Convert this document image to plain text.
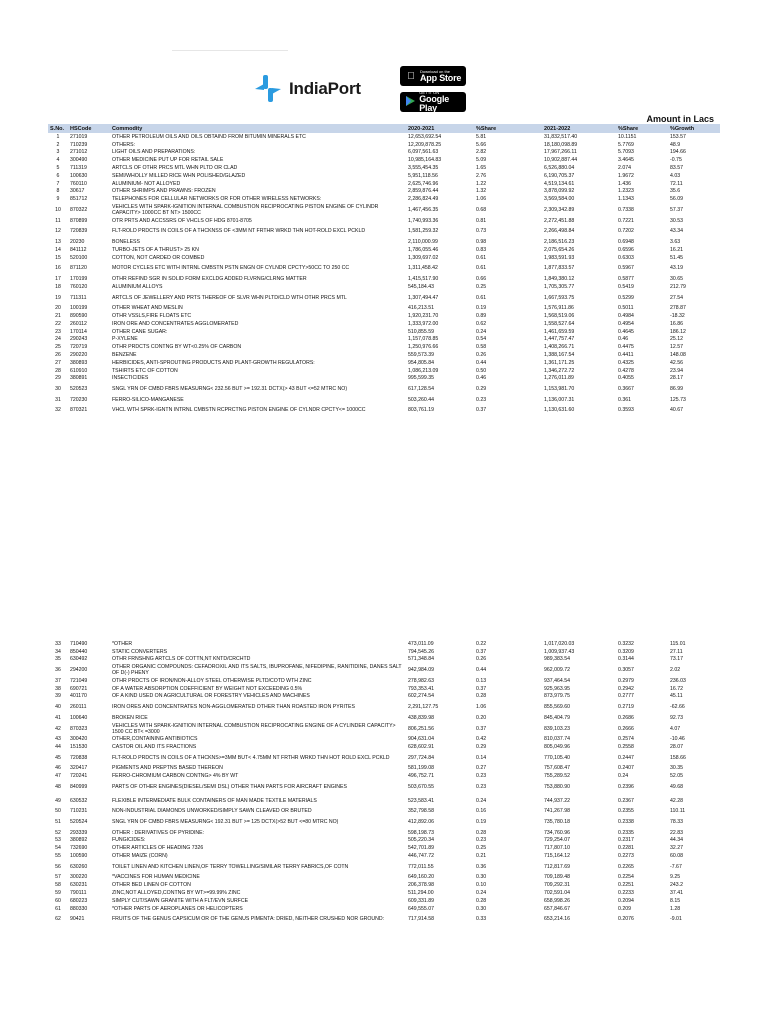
IndiaPort
Download on the
App Store
GET IT ON
Google Play
Amount in Lacs
S.No.	HSCode	Commodity	2020-2021	%Share	2021-2022	%Share	%Growth
1	271019	OTHER PETROLEUM OILS AND OILS OBTAIND FROM BITUMIN MINERALS ETC	12,653,692.54	5.81	31,832,517.40	10.1151	153.57
2	710239	OTHERS:	12,209,878.25	5.66	18,180,098.89	5.7769	48.9
3	271012	LIGHT OILS AND PREPARATIONS:	6,097,561.63	2.82	17,967,266.11	5.7093	194.66
4	300490	OTHER MEDICINE PUT UP FOR RETAIL SALE	10,985,164.83	5.09	10,902,887.44	3.4645	-0.75
5	711319	ARTCLS OF OTHR PRCS MTL WHN PLTD OR CLAD	3,555,454.35	1.65	6,526,880.04	2.074	83.57
6	100630	SEMI/WHOLLY MILLED RICE WHN POLISHED/GLAZED	5,951,118.56	2.76	6,190,705.37	1.9672	4.03
7	760110	ALUMINIUM- NOT ALLOYED	2,625,746.96	1.22	4,519,134.61	1.436	72.11
8	30617	OTHER SHRIMPS AND PRAWNS: FROZEN	2,859,876.44	1.32	3,878,099.92	1.2323	35.6
9	851712	TELEPHONES FOR CELLULAR NETWORKS OR FOR OTHER WIRELESS NETWORKS:	2,286,824.49	1.06	3,569,584.00	1.1343	56.09
10	870322	VEHICLES WITH SPARK-IGNITION INTERNAL COMBUSTION RECIPROCATING PISTON ENGINE OF CYLINDR CAPACITY> 1000CC BT NT> 1500CC	1,467,456.35	0.68	2,309,342.89	0.7338	57.37
11	870899	OTR PRTS AND ACCSSRS OF VHCLS OF HDG 8701-8705	1,740,993.36	0.81	2,272,451.88	0.7221	30.53
12	720839	FLT-ROLD PRDCTS IN COILS OF A THCKNSS OF <3MM NT FRTHR WRKD THN HOT-ROLD EXCL PCKLD	1,581,259.32	0.73	2,266,498.84	0.7202	43.34
13	20230	BONELESS	2,110,000.99	0.98	2,186,516.23	0.6948	3.63
14	841112	TURBO-JETS OF A THRUST> 25 KN	1,786,055.46	0.83	2,075,654.26	0.6596	16.21
15	520100	COTTON, NOT CARDED OR COMBED	1,309,697.02	0.61	1,983,591.93	0.6303	51.45
16	871120	MOTOR CYCLES ETC WITH INTRNL CMBSTN PSTN ENGN OF CYLNDR CPCTY>50CC TO 250 CC	1,311,458.42	0.61	1,877,833.57	0.5967	43.19
17	170199	OTHR REFIND SGR IN SOLID FORM EXCLDG ADDED FLVRNG/CLRNG MATTER	1,415,517.90	0.66	1,849,380.12	0.5877	30.65
18	760120	ALUMINIUM ALLOYS	545,184.43	0.25	1,705,305.77	0.5419	212.79
19	711311	ARTCLS OF JEWELLERY AND PRTS THEREOF OF SLVR WHN PLTD/CLD WTH OTHR PRCS MTL	1,307,494.47	0.61	1,667,593.75	0.5299	27.54
20	100199	OTHER WHEAT AND MESLIN	416,213.51	0.19	1,576,911.86	0.5011	278.87
21	890590	OTHR VSSLS,FIRE FLOATS ETC	1,920,231.70	0.89	1,568,519.06	0.4984	-18.32
22	260112	IRON ORE AND CONCENTRATES AGGLOMERATED	1,333,972.00	0.62	1,558,527.64	0.4954	16.86
23	170114	OTHER CANE SUGAR:	510,855.59	0.24	1,461,659.59	0.4645	186.12
24	290243	P-XYLENE	1,157,078.85	0.54	1,447,757.47	0.46	25.12
25	720719	OTHR PRDCTS CONTNG BY WT<0.25% OF CARBON	1,250,976.66	0.58	1,408,266.71	0.4475	12.57
26	290220	BENZENE	559,573.39	0.26	1,388,167.54	0.4411	148.08
27	380893	HERBICIDES, ANTI-SPROUTING PRODUCTS AND PLANT-GROWTH REGULATORS:	954,805.84	0.44	1,361,171.25	0.4325	42.56
28	610910	TSHIRTS ETC OF COTTON	1,086,213.09	0.50	1,346,272.72	0.4278	23.94
29	380891	INSECTICIDES	995,599.35	0.46	1,276,011.89	0.4055	28.17
30	520523	SNGL YRN OF CMBD FBRS MEASURNG< 232.56 BUT >= 192.31 DCTX(> 43 BUT <=52 MTRC NO)	617,128.54	0.29	1,153,981.70	0.3667	86.99
31	720230	FERRO-SILICO-MANGANESE	503,260.44	0.23	1,136,007.31	0.361	125.73
32	870321	VHCL WTH SPRK-IGNTN INTRNL CMBSTN RCPRCTNG PISTON ENGINE OF CYLNDR CPCTY<= 1000CC	803,761.19	0.37	1,130,631.60	0.3593	40.67
33	710490	*OTHER	473,011.09	0.22	1,017,020.03	0.3232	115.01
34	850440	STATIC CONVERTERS	794,545.26	0.37	1,009,937.43	0.3209	27.11
35	630492	OTHR FRNSHNG ARTCLS OF COTTN,NT KNTD/CRCHTD	571,348.84	0.26	989,383.54	0.3144	73.17
36	294200	OTHER ORGANIC COMPOUNDS: CEFADROXIL AND ITS SALTS, IBUPROFANE, NIFEDIPINE, RANITIDINE, DANES SALT OF D(-) PHENY	942,984.09	0.44	962,009.72	0.3057	2.02
37	721049	OTHR PRDCTS OF IRON/NON-ALLOY STEEL OTHERWISE PLTD/COTD WTH ZINC	278,982.63	0.13	937,464.54	0.2979	236.03
38	690721	OF A WATER ABSORPTION COEFFICIENT BY WEIGHT NOT EXCEEDING 0.5%	793,353.41	0.37	925,963.95	0.2942	16.72
39	401170	OF A KIND USED ON AGRICULTURAL OR FORESTRY VEHICLES AND MACHINES	602,274.54	0.28	873,979.75	0.2777	45.11
40	260111	IRON ORES AND CONCENTRATES NON-AGGLOMERATED OTHER THAN ROASTED IRON PYRITES	2,291,127.75	1.06	855,569.60	0.2719	-62.66
41	100640	BROKEN RICE	438,839.98	0.20	845,404.79	0.2686	92.73
42	870323	VEHICLES WITH SPARK-IGNITION INTERNAL COMBUSTION RECIPROCATING ENGINE OF A CYLINDER CAPACITY> 1500 CC BT< =3000	806,251.56	0.37	839,103.23	0.2666	4.07
43	300420	OTHER,CONTAINING ANTIBIOTICS	904,631.04	0.42	810,037.74	0.2574	-10.46
44	151530	CASTOR OIL AND ITS FRACTIONS	628,602.91	0.29	805,049.96	0.2558	28.07
45	720838	FLT-ROLD PRDCTS IN COILS OF A THCKNS>=3MM BUT< 4.75MM NT FRTHR WRKD THN HOT ROLD EXCL PCKLD	297,724.84	0.14	770,105.40	0.2447	158.66
46	320417	PIGMENTS AND PREPTNS BASED THEREON	581,199.08	0.27	757,608.47	0.2407	30.35
47	720241	FERRO-CHROMIUM CARBON CONTNG> 4% BY WT	496,752.71	0.23	755,289.52	0.24	52.05
48	840999	PARTS OF OTHER ENGINES(DIESEL/SEMI DSL) OTHER THAN PARTS FOR AIRCRAFT ENGINES	503,670.55	0.23	753,880.90	0.2396	49.68
49	630532	FLEXIBLE INTERMEDIATE BULK CONTAINERS OF MAN MADE TEXTILE MATERIALS	523,583.41	0.24	744,937.22	0.2367	42.28
50	710231	NON-INDUSTRIAL DIAMONDS UNWORKED/SIMPLY SAWN CLEAVED OR BRUTED	352,798.58	0.16	741,267.98	0.2355	110.11
51	520524	SNGL YRN OF CMBD FBRS MEASURNG< 192.31 BUT >= 125 DCTX(>52 BUT <=80 MTRC NO)	412,892.06	0.19	735,780.18	0.2338	78.33
52	293339	OTHER : DERIVATIVES OF PYRIDINE:	598,198.73	0.28	734,760.96	0.2335	22.83
53	380892	FUNGICIDES:	505,220.34	0.23	729,254.07	0.2317	44.34
54	732690	OTHER ARTICLES OF HEADING 7326	542,701.89	0.25	717,807.10	0.2281	32.27
55	100590	OTHER MAIZE (CORN)	446,747.72	0.21	715,164.12	0.2273	60.08
56	630260	TOILET LINEN AND KITCHEN LINEN,OF TERRY TOWELLING/SIMILAR TERRY FABRICS,OF COTN	772,011.55	0.36	712,817.69	0.2265	-7.67
57	300220	*VACCINES FOR HUMAN MEDICINE	649,160.20	0.30	709,189.48	0.2254	9.25
58	630231	OTHER BED LINEN OF COTTON	206,378.98	0.10	709,292.31	0.2251	243.2
59	790111	ZINC,NOT ALLOYED,CONTNG BY WT>=99.99% ZINC	511,294.00	0.24	702,591.04	0.2233	37.41
60	680223	SIMPLY CUT/SAWN GRANITE WITH A FLT/EVN SURFCE	609,331.89	0.28	658,998.26	0.2094	8.15
61	880330	*OTHER PARTS OF AEROPLANES OR HELICOPTERS	649,555.07	0.30	657,846.67	0.209	1.28
62	90421	FRUITS OF THE GENUS CAPSICUM OR OF THE GENUS PIMENTA: DRIED, NEITHER CRUSHED NOR GROUND:	717,914.58	0.33	653,214.16	0.2076	-9.01
